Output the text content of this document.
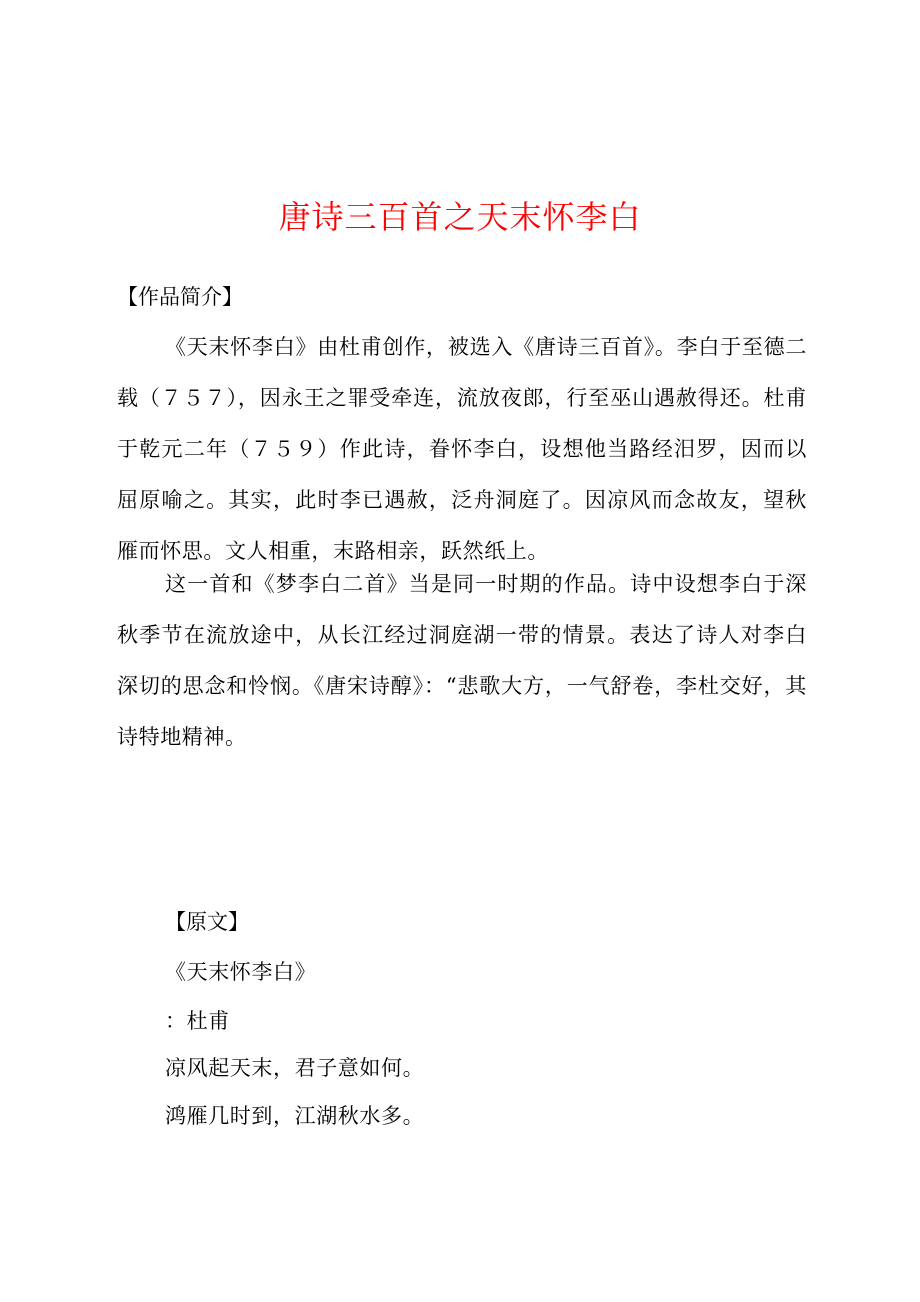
唐诗三百首之天末怀李白

【作品简介】

《天末怀李白》由杜甫创作，被选入《唐诗三百首》。李白于至德二载（７５７），因永王之罪受牵连，流放夜郎，行至巫山遇赦得还。杜甫于乾元二年（７５９）作此诗，眷怀李白，设想他当路经汨罗，因而以屈原喻之。其实，此时李已遇赦，泛舟洞庭了。因凉风而念故友，望秋雁而怀思。文人相重，末路相亲，跃然纸上。

这一首和《梦李白二首》当是同一时期的作品。诗中设想李白于深秋季节在流放途中，从长江经过洞庭湖一带的情景。表达了诗人对李白深切的思念和怜悯。《唐宋诗醇》：“悲歌大方，一气舒卷，李杜交好，其诗特地精神。

【原文】

《天末怀李白》

：杜甫

凉风起天末，君子意如何。

鸿雁几时到，江湖秋水多。
